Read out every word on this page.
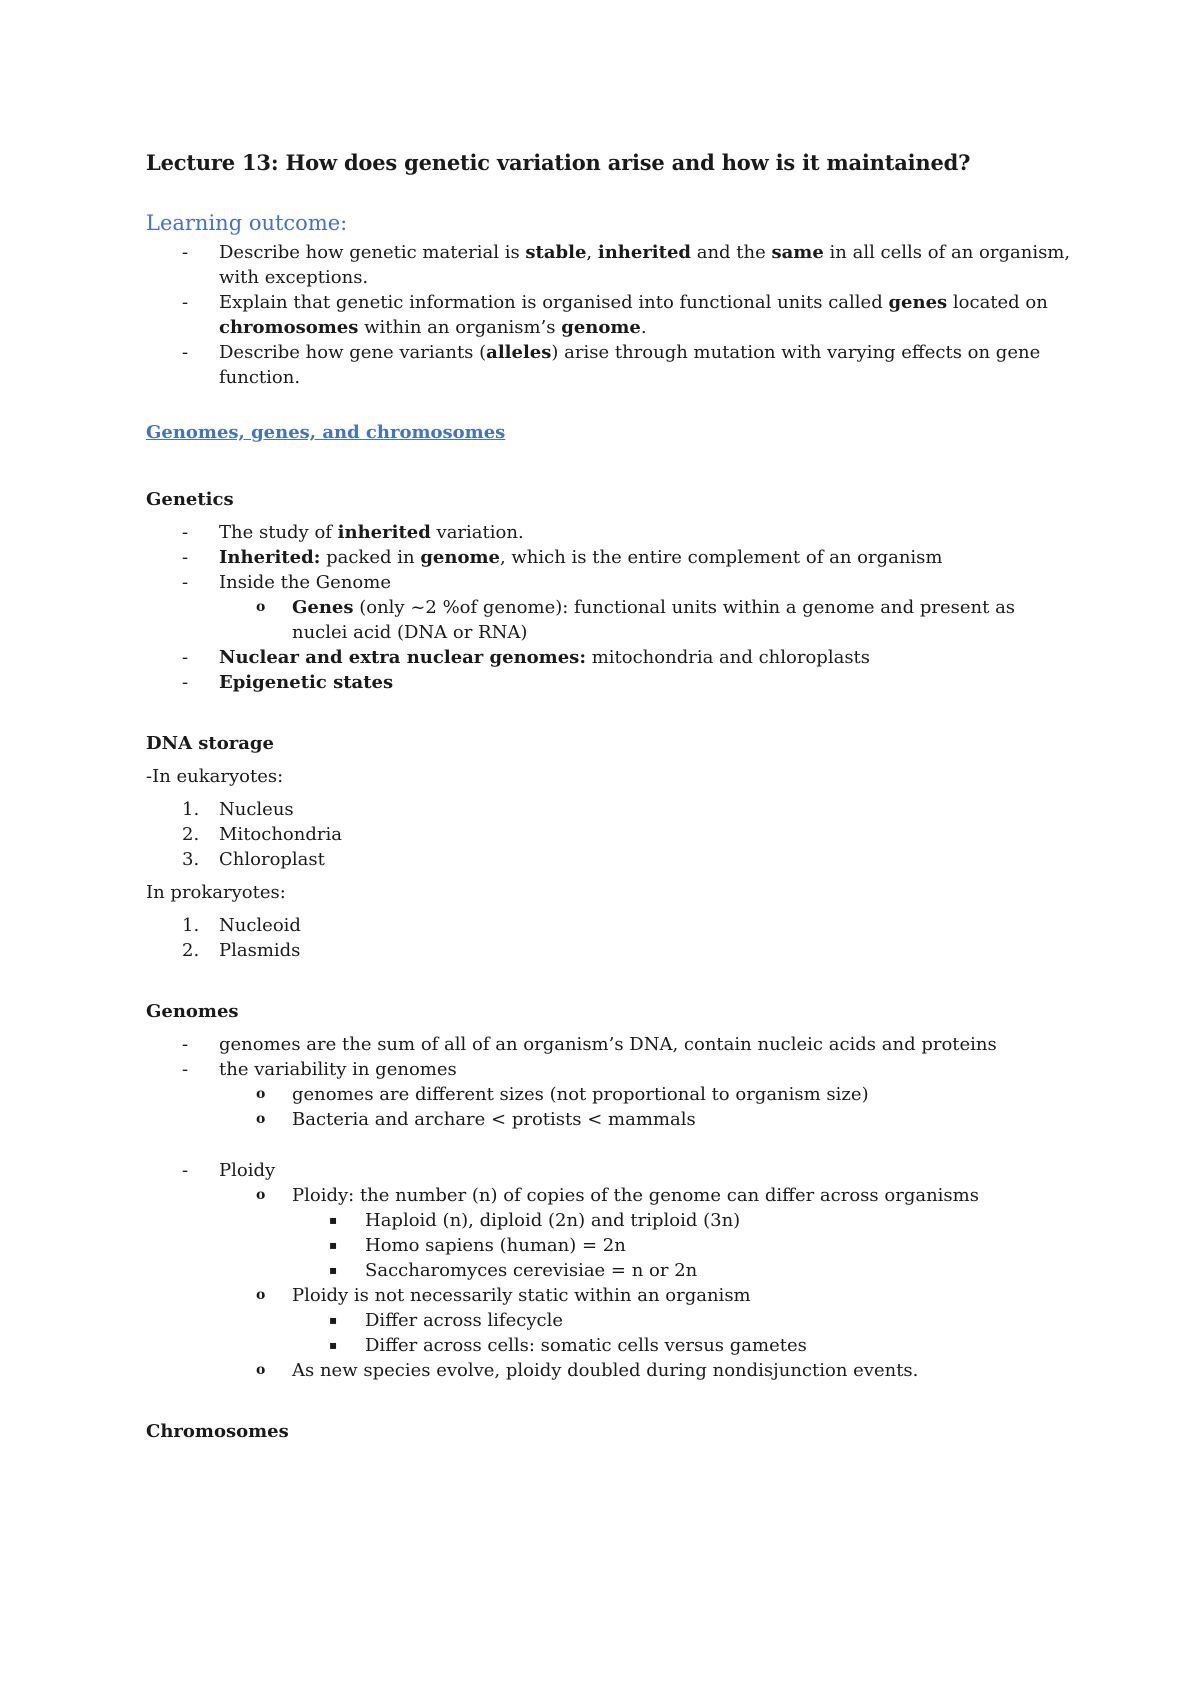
Lecture 13: How does genetic variation arise and how is it maintained?
Learning outcome:
- Describe how genetic material is stable, inherited and the same in all cells of an organism, with exceptions.
- Explain that genetic information is organised into functional units called genes located on chromosomes within an organism’s genome.
- Describe how gene variants (alleles) arise through mutation with varying effects on gene function.
Genomes, genes, and chromosomes
Genetics
- The study of inherited variation.
- Inherited: packed in genome, which is the entire complement of an organism
- Inside the Genome
o Genes (only ~2 %of genome): functional units within a genome and present as nuclei acid (DNA or RNA)
- Nuclear and extra nuclear genomes: mitochondria and chloroplasts
- Epigenetic states
DNA storage
-In eukaryotes:
1. Nucleus
2. Mitochondria
3. Chloroplast
In prokaryotes:
1. Nucleoid
2. Plasmids
Genomes
- genomes are the sum of all of an organism’s DNA, contain nucleic acids and proteins
- the variability in genomes
o genomes are different sizes (not proportional to organism size)
o Bacteria and archare < protists < mammals
- Ploidy
o Ploidy: the number (n) of copies of the genome can differ across organisms
▪ Haploid (n), diploid (2n) and triploid (3n)
▪ Homo sapiens (human) = 2n
▪ Saccharomyces cerevisiae = n or 2n
o Ploidy is not necessarily static within an organism
▪ Differ across lifecycle
▪ Differ across cells: somatic cells versus gametes
o As new species evolve, ploidy doubled during nondisjunction events.
Chromosomes
